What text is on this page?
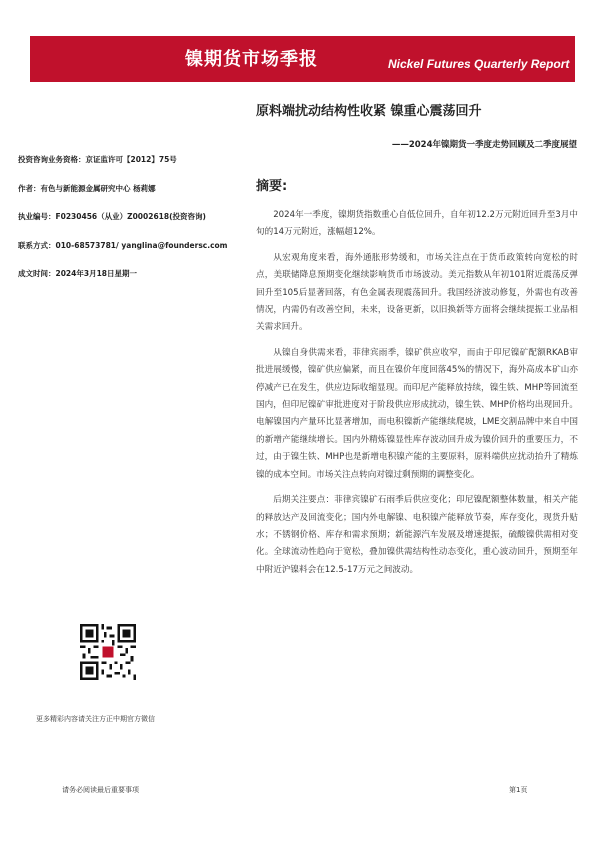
镍期货市场季报	Nickel Futures Quarterly Report
原料端扰动结构性收紧 镍重心震荡回升
——2024年镍期货一季度走势回顾及二季度展望
投资咨询业务资格：京证监许可【2012】75号
作者：有色与新能源金属研究中心 杨莉娜
执业编号：F0230456（从业）Z0002618(投资咨询)
联系方式：010-68573781/ yanglina@foundersc.com
成文时间：2024年3月18日星期一
摘要:

2024年一季度，镍期货指数重心自低位回升，自年初12.2万元附近回升至3月中旬的14万元附近，涨幅超12%。

从宏观角度来看，海外通胀形势缓和，市场关注点在于货币政策转向宽松的时点，美联储降息预期变化继续影响货币市场波动。美元指数从年初101附近震荡反弹回升至105后显著回落，有色金属表现震荡回升。我国经济波动修复，外需也有改善情况，内需仍有改善空间，未来，设备更新，以旧换新等方面将会继续提振工业品相关需求回升。

从镍自身供需来看，菲律宾雨季，镍矿供应收窄，而由于印尼镍矿配额RKAB审批进展缓慢，镍矿供应偏紧，而且在镍价年度回落45%的情况下，海外高成本矿山亦停减产已在发生，供应边际收缩显现。而印尼产能释放持续，镍生铁、MHP等回流至国内，但印尼镍矿审批进度对于阶段供应形成扰动，镍生铁、MHP价格均出现回升。电解镍国内产量环比显著增加，而电积镍新产能继续爬坡，LME交割品牌中来自中国的新增产能继续增长。国内外精炼镍显性库存波动回升成为镍价回升的重要压力，不过，由于镍生铁、MHP也是新增电积镍产能的主要原料，原料端供应扰动抬升了精炼镍的成本空间。市场关注点转向对镍过剩预期的调整变化。

后期关注要点：菲律宾镍矿石雨季后供应变化；印尼镍配额整体数量，相关产能的释放达产及回流变化；国内外电解镍、电积镍产能释放节奏，库存变化，现货升贴水；不锈钢价格、库存和需求预期；新能源汽车发展及增速提振，硫酸镍供需相对变化。全球流动性趋向于宽松，叠加镍供需结构性动态变化，重心波动回升，预期至年中附近沪镍料会在12.5-17万元之间波动。

更多精彩内容请关注方正中期官方微信
请务必阅读最后重要事项	第1页
